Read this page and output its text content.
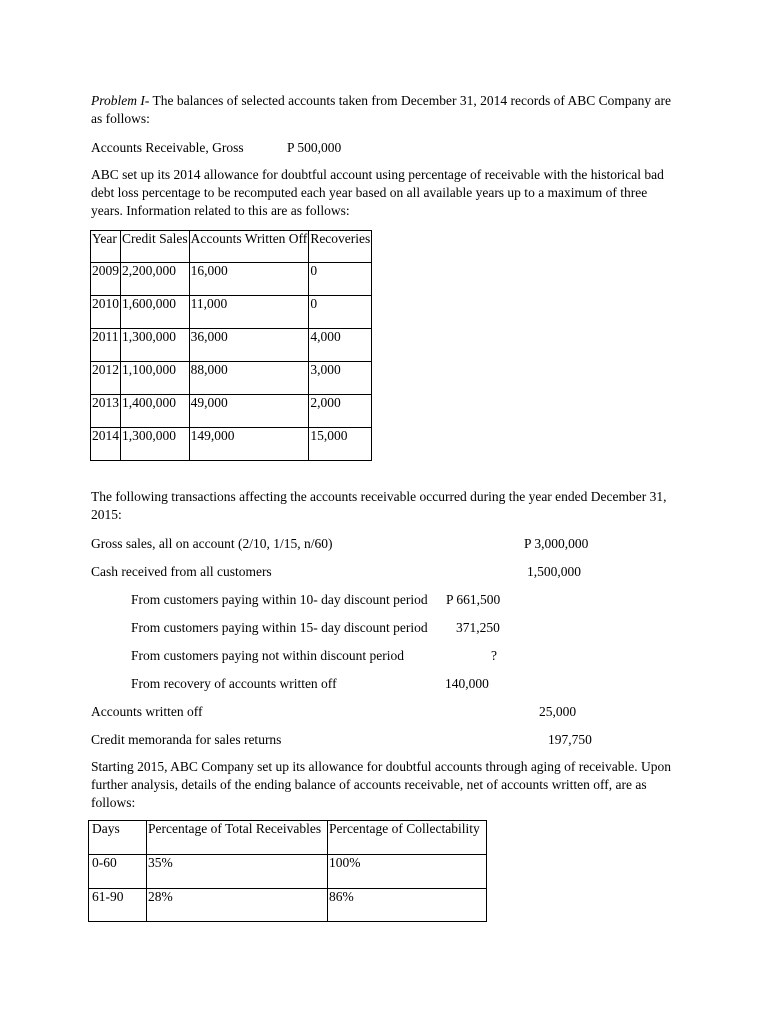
Problem I- The balances of selected accounts taken from December 31, 2014 records of ABC Company are as follows:
Accounts Receivable, Gross	P 500,000
ABC set up its 2014 allowance for doubtful account using percentage of receivable with the historical bad debt loss percentage to be recomputed each year based on all available years up to a maximum of three years. Information related to this are as follows:
Year	Credit Sales	Accounts Written Off	Recoveries
2009	2,200,000	16,000	0
2010	1,600,000	11,000	0
2011	1,300,000	36,000	4,000
2012	1,100,000	88,000	3,000
2013	1,400,000	49,000	2,000
2014	1,300,000	149,000	15,000
The following transactions affecting the accounts receivable occurred during the year ended December 31, 2015:
Gross sales, all on account (2/10, 1/15, n/60)	P 3,000,000
Cash received from all customers	1,500,000
From customers paying within 10- day discount period P 661,500
From customers paying within 15- day discount period 371,250
From customers paying not within discount period	?
From recovery of accounts written off	140,000
Accounts written off	25,000
Credit memoranda for sales returns	197,750
Starting 2015, ABC Company set up its allowance for doubtful accounts through aging of receivable. Upon further analysis, details of the ending balance of accounts receivable, net of accounts written off, are as follows:
Days	Percentage of Total Receivables	Percentage of Collectability
0-60	35%	100%
61-90	28%	86%
